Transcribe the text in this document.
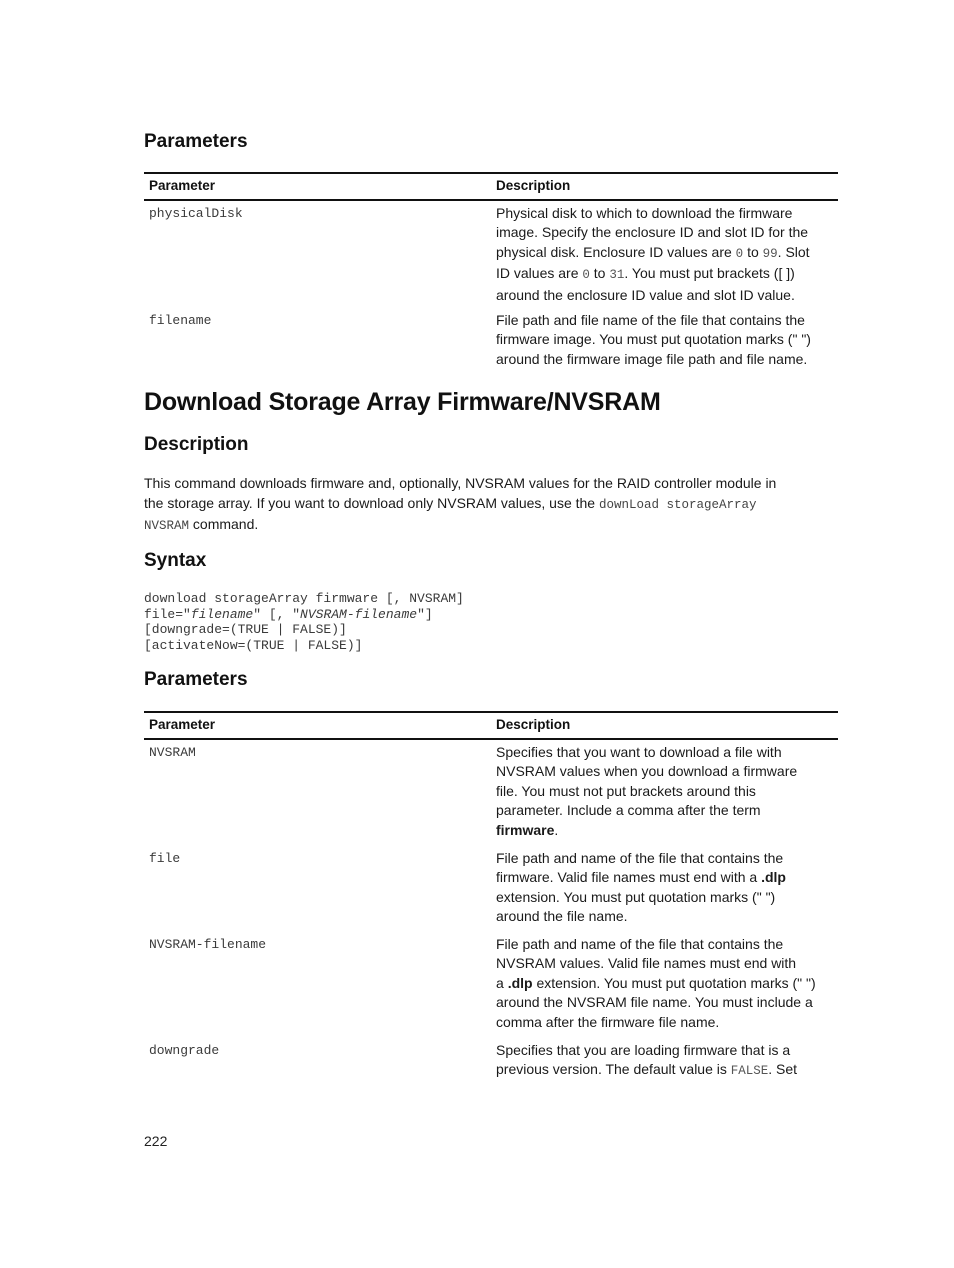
Parameters
Parameter	Description
physicalDisk	Physical disk to which to download the firmware
image. Specify the enclosure ID and slot ID for the
physical disk. Enclosure ID values are 0 to 99. Slot
ID values are 0 to 31. You must put brackets ([ ])
around the enclosure ID value and slot ID value.
filename	File path and file name of the file that contains the
firmware image. You must put quotation marks (" ")
around the firmware image file path and file name.
Download Storage Array Firmware/NVSRAM
Description
This command downloads firmware and, optionally, NVSRAM values for the RAID controller module in
the storage array. If you want to download only NVSRAM values, use the downLoad storageArray
NVSRAM command.
Syntax
download storageArray firmware [, NVSRAM]
file="filename" [, "NVSRAM-filename"]
[downgrade=(TRUE | FALSE)]
[activateNow=(TRUE | FALSE)]
Parameters
Parameter	Description
NVSRAM	Specifies that you want to download a file with
NVSRAM values when you download a firmware
file. You must not put brackets around this
parameter. Include a comma after the term
firmware.
file	File path and name of the file that contains the
firmware. Valid file names must end with a .dlp
extension. You must put quotation marks (" ")
around the file name.
NVSRAM-filename	File path and name of the file that contains the
NVSRAM values. Valid file names must end with
a .dlp extension. You must put quotation marks (" ")
around the NVSRAM file name. You must include a
comma after the firmware file name.
downgrade	Specifies that you are loading firmware that is a
previous version. The default value is FALSE. Set
222
